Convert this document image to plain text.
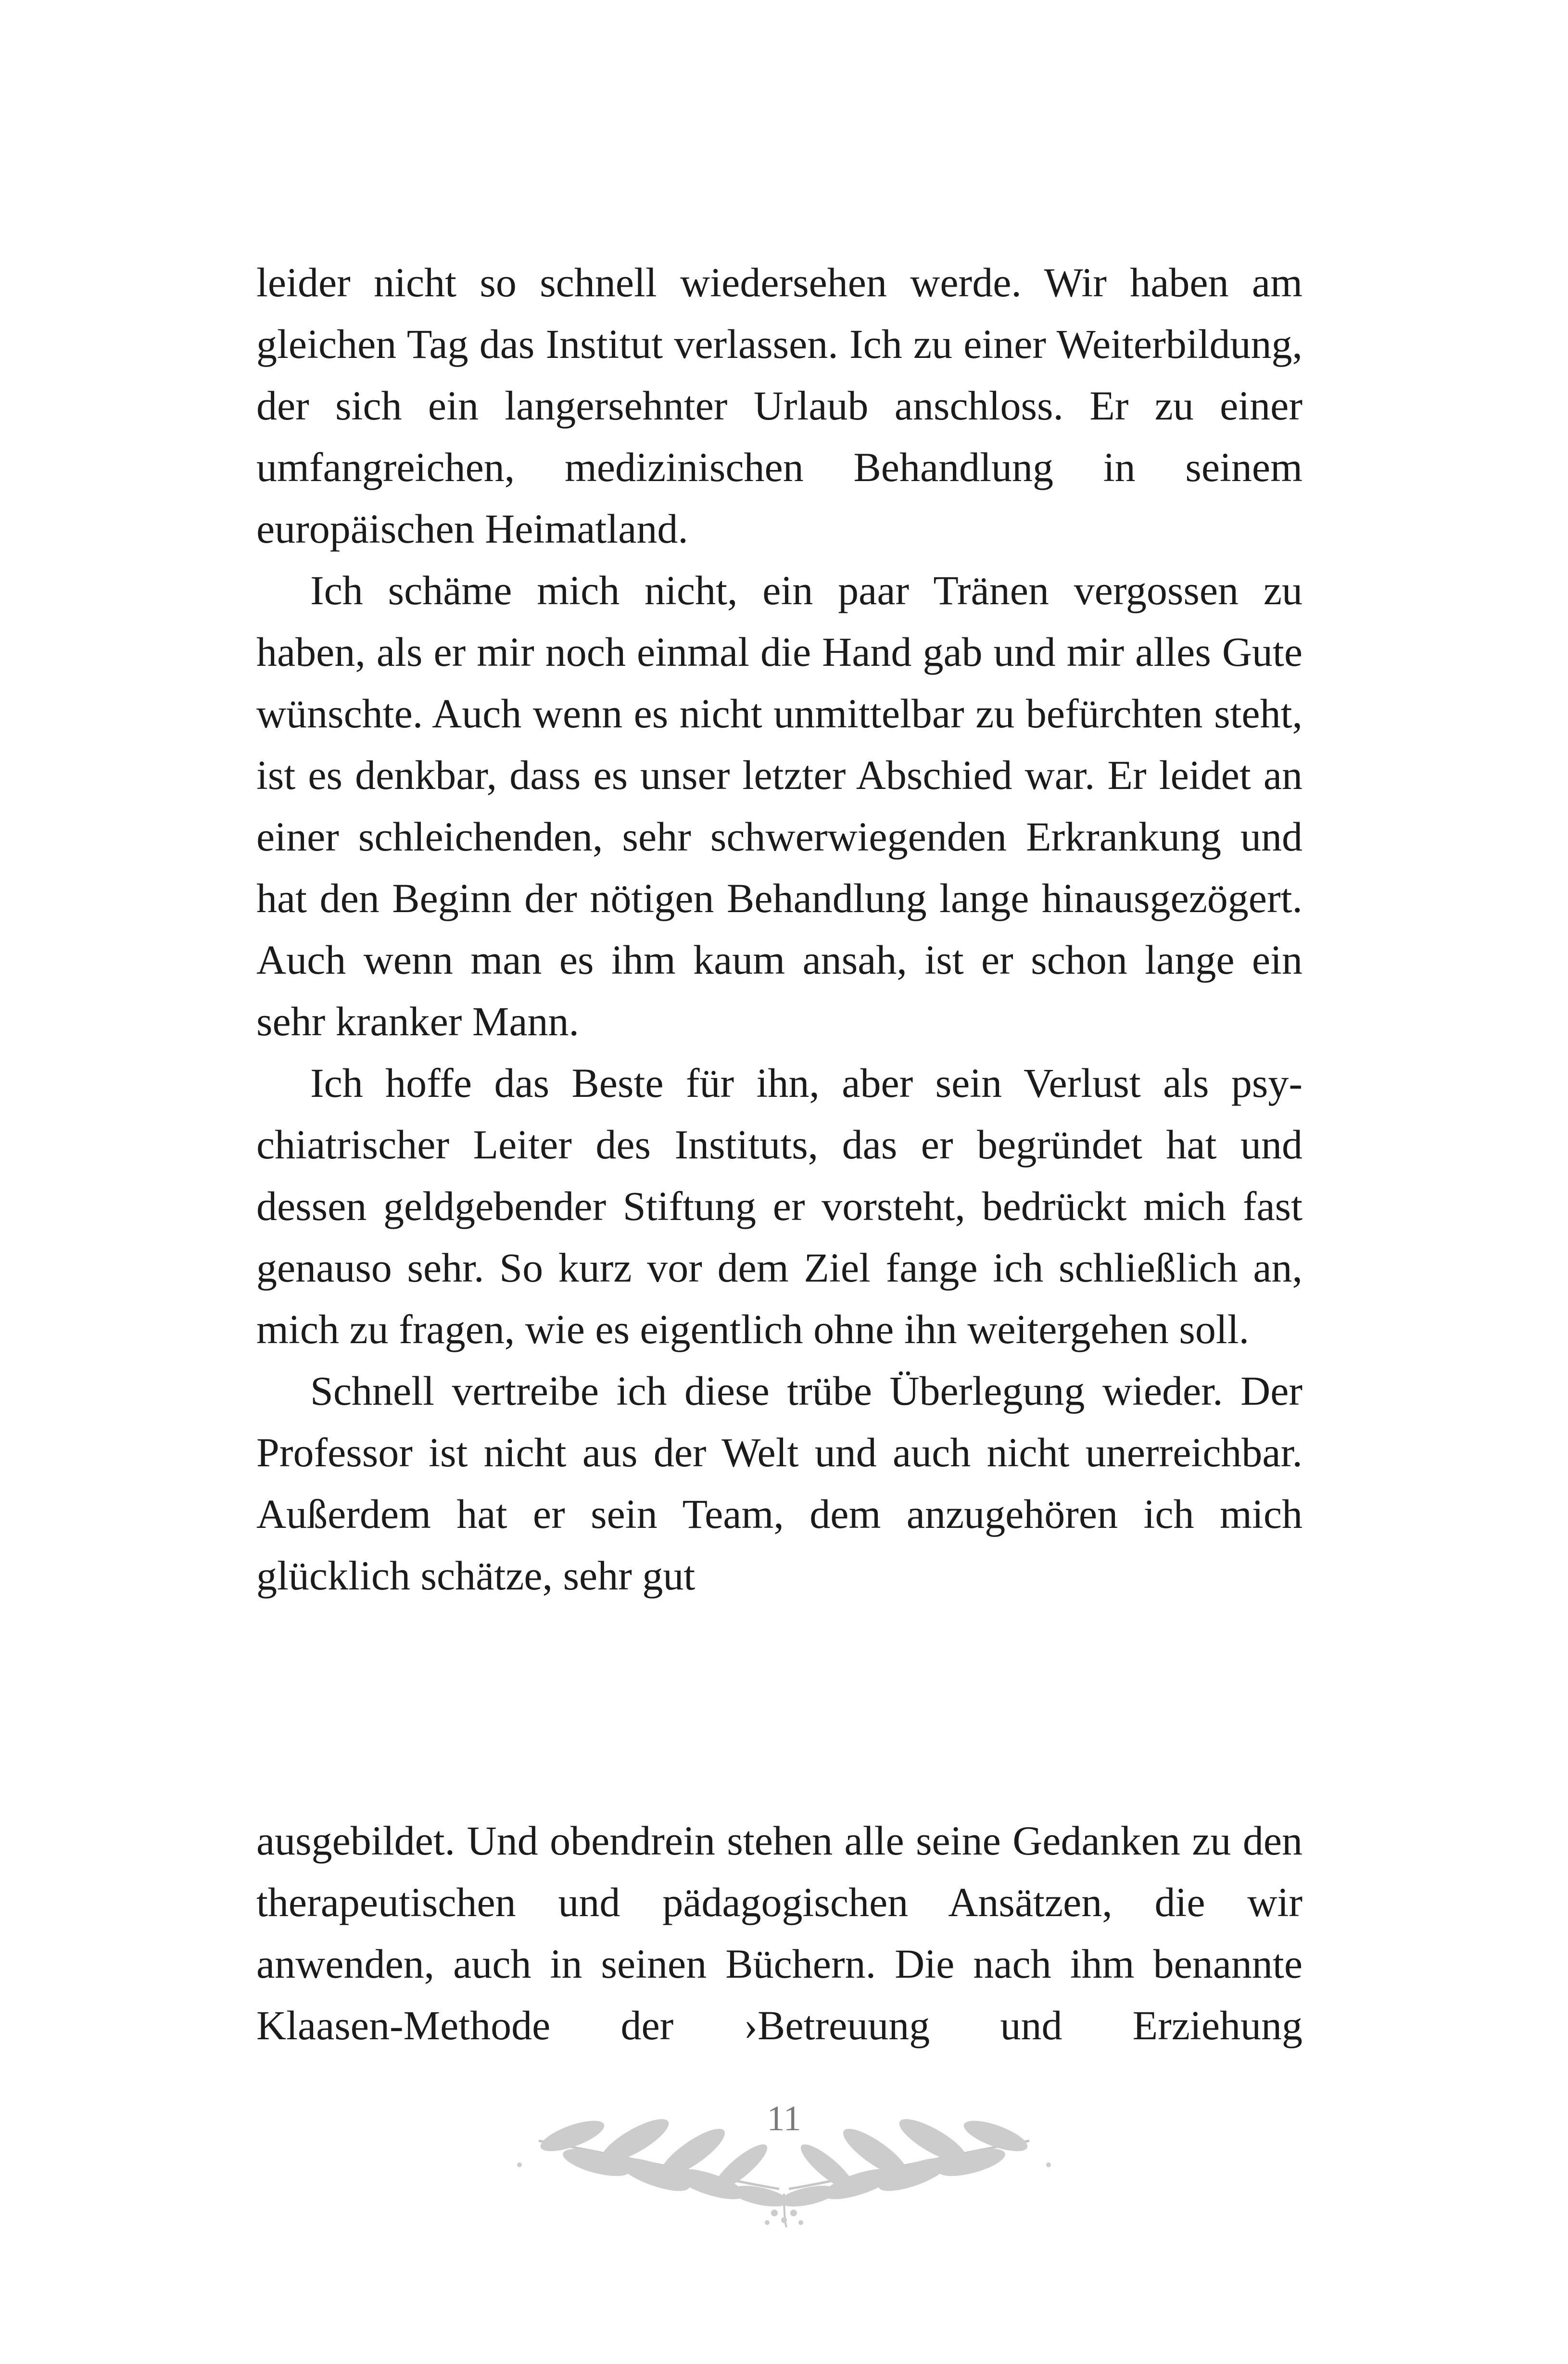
leider nicht so schnell wiedersehen werde. Wir haben am gleichen Tag das Institut verlassen. Ich zu einer Weiterbildung, der sich ein langersehnter Urlaub anschloss. Er zu einer umfangreichen, medizinischen Behandlung in seinem europäischen Heimatland.

Ich schäme mich nicht, ein paar Tränen vergossen zu haben, als er mir noch einmal die Hand gab und mir alles Gute wünschte. Auch wenn es nicht unmittelbar zu befürchten steht, ist es denkbar, dass es unser letzter Abschied war. Er leidet an einer schleichenden, sehr schwerwiegenden Erkrankung und hat den Beginn der nötigen Behandlung lange hinausgezögert. Auch wenn man es ihm kaum ansah, ist er schon lange ein sehr kranker Mann.

Ich hoffe das Beste für ihn, aber sein Verlust als psychiatrischer Leiter des Instituts, das er begründet hat und dessen geldgebender Stiftung er vorsteht, bedrückt mich fast genauso sehr. So kurz vor dem Ziel fange ich schließlich an, mich zu fragen, wie es eigentlich ohne ihn weitergehen soll.

Schnell vertreibe ich diese trübe Überlegung wieder. Der Professor ist nicht aus der Welt und auch nicht unerreichbar. Außerdem hat er sein Team, dem anzugehören ich mich glücklich schätze, sehr gut

ausgebildet. Und obendrein stehen alle seine Gedanken zu den therapeutischen und pädagogischen Ansätzen, die wir anwenden, auch in seinen Büchern. Die nach ihm benannte Klaasen-Methode der ›Betreuung und Erziehung

11
